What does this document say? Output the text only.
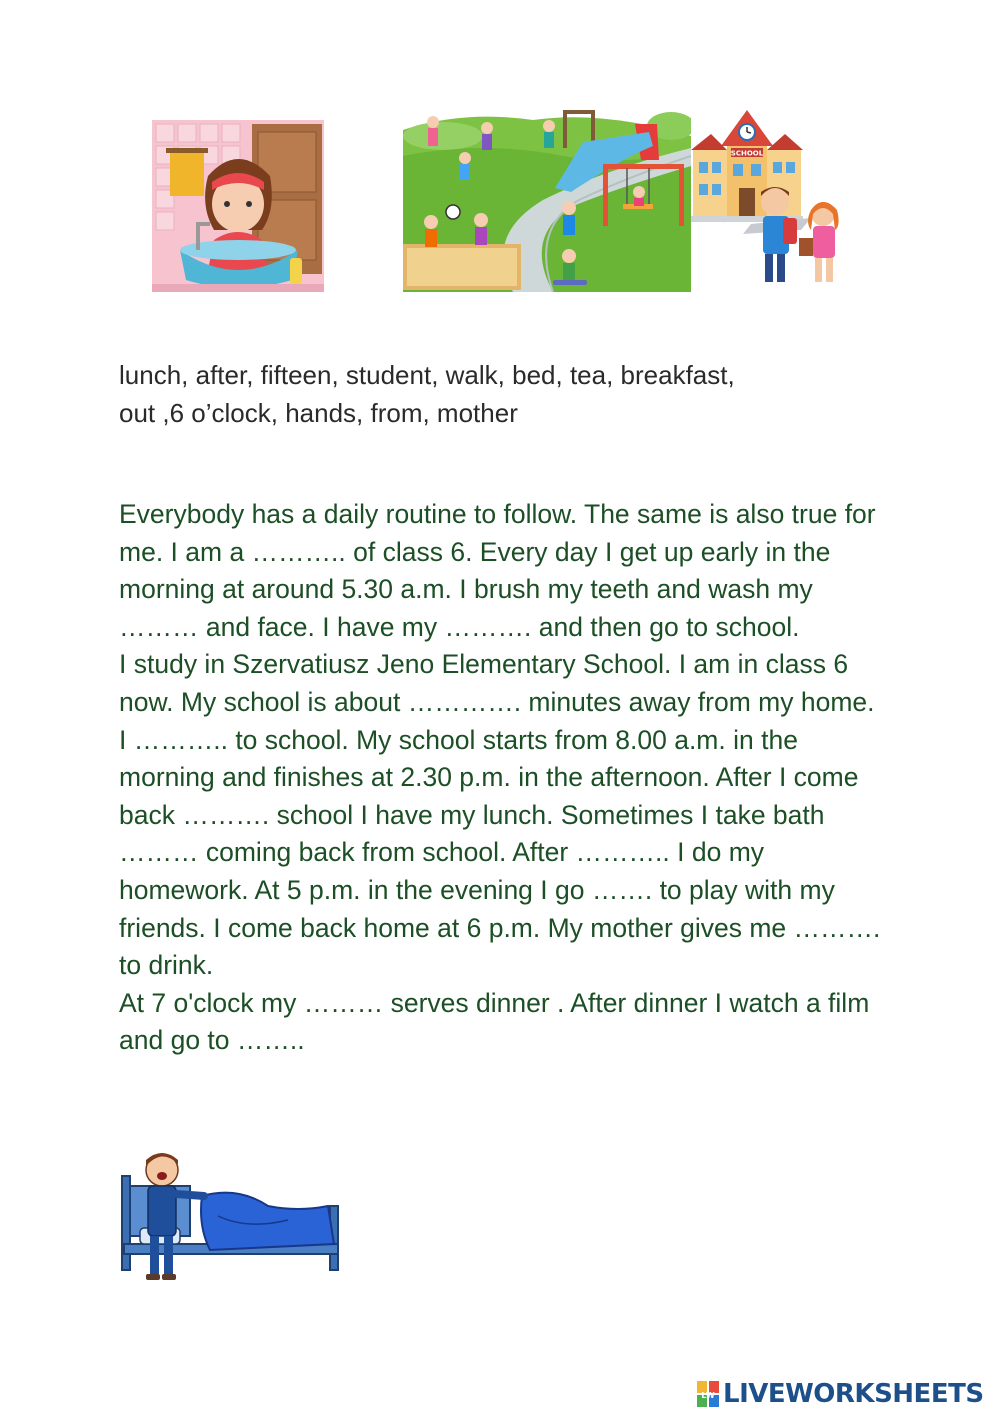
SCHOOL
lunch, after, fifteen, student, walk, bed, tea, breakfast,
out ,6 o’clock, hands, from, mother

Everybody has a daily routine to follow. The same is also true for me. I am a ……….. of class 6. Every day I get up early in the morning at around 5.30 a.m. I brush my teeth and wash my ……… and face. I have my ………. and then go to school.

I study in Szervatiusz Jeno Elementary School. I am in class 6 now. My school is about …………. minutes away from my home. I ……….. to school. My school starts from 8.00 a.m. in the morning and finishes at 2.30 p.m. in the afternoon. After I come back ………. school I have my lunch. Sometimes I take bath ……… coming back from school. After ……….. I do my homework. At 5 p.m. in the evening I go ……. to play with my friends. I come back home at 6 p.m. My mother gives me ………. to drink.

At 7 o'clock my ……… serves dinner . After dinner I watch a film and go to ……..

LW LIVEWORKSHEETS
